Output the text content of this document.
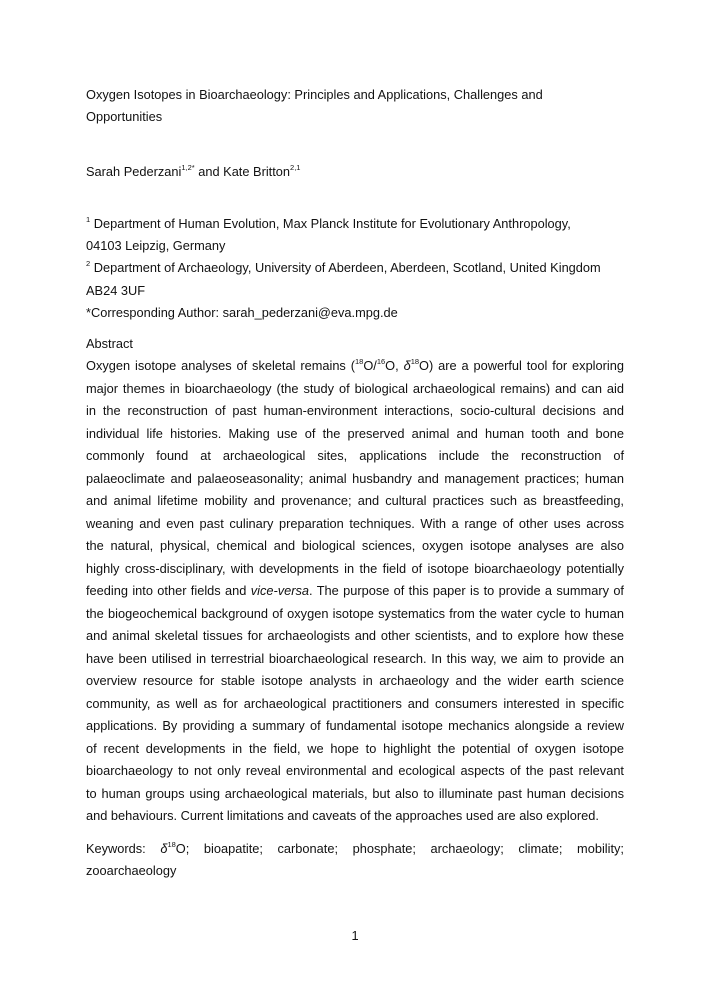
Oxygen Isotopes in Bioarchaeology: Principles and Applications, Challenges and
Opportunities
Sarah Pederzani$^{1,2*}$ and Kate Britton$^{2,1}$
$^1$ Department of Human Evolution, Max Planck Institute for Evolutionary Anthropology,
04103 Leipzig, Germany
$^2$ Department of Archaeology, University of Aberdeen, Aberdeen, Scotland, United Kingdom
AB24 3UF
*Corresponding Author: sarah_pederzani@eva.mpg.de
Abstract
Oxygen isotope analyses of skeletal remains ($^{18}$O/$^{16}$O, $\delta^{18}O$) are a powerful tool for exploring
major themes in bioarchaeology (the study of biological archaeological remains) and can aid
in the reconstruction of past human-environment interactions, socio-cultural decisions and
individual life histories. Making use of the preserved animal and human tooth and bone
commonly found at archaeological sites, applications include the reconstruction of
palaeoclimate and palaeoseasonality; animal husbandry and management practices; human
and animal lifetime mobility and provenance; and cultural practices such as breastfeeding,
weaning and even past culinary preparation techniques. With a range of other uses across
the natural, physical, chemical and biological sciences, oxygen isotope analyses are also
highly cross-disciplinary, with developments in the field of isotope bioarchaeology potentially
feeding into other fields and vice-versa. The purpose of this paper is to provide a summary of
the biogeochemical background of oxygen isotope systematics from the water cycle to human
and animal skeletal tissues for archaeologists and other scientists, and to explore how these
have been utilised in terrestrial bioarchaeological research. In this way, we aim to provide an
overview resource for stable isotope analysts in archaeology and the wider earth science
community, as well as for archaeological practitioners and consumers interested in specific
applications. By providing a summary of fundamental isotope mechanics alongside a review
of recent developments in the field, we hope to highlight the potential of oxygen isotope
bioarchaeology to not only reveal environmental and ecological aspects of the past relevant
to human groups using archaeological materials, but also to illuminate past human decisions
and behaviours. Current limitations and caveats of the approaches used are also explored.
Keywords: $\delta^{18}O$; bioapatite; carbonate; phosphate; archaeology; climate; mobility;
zooarchaeology
1
